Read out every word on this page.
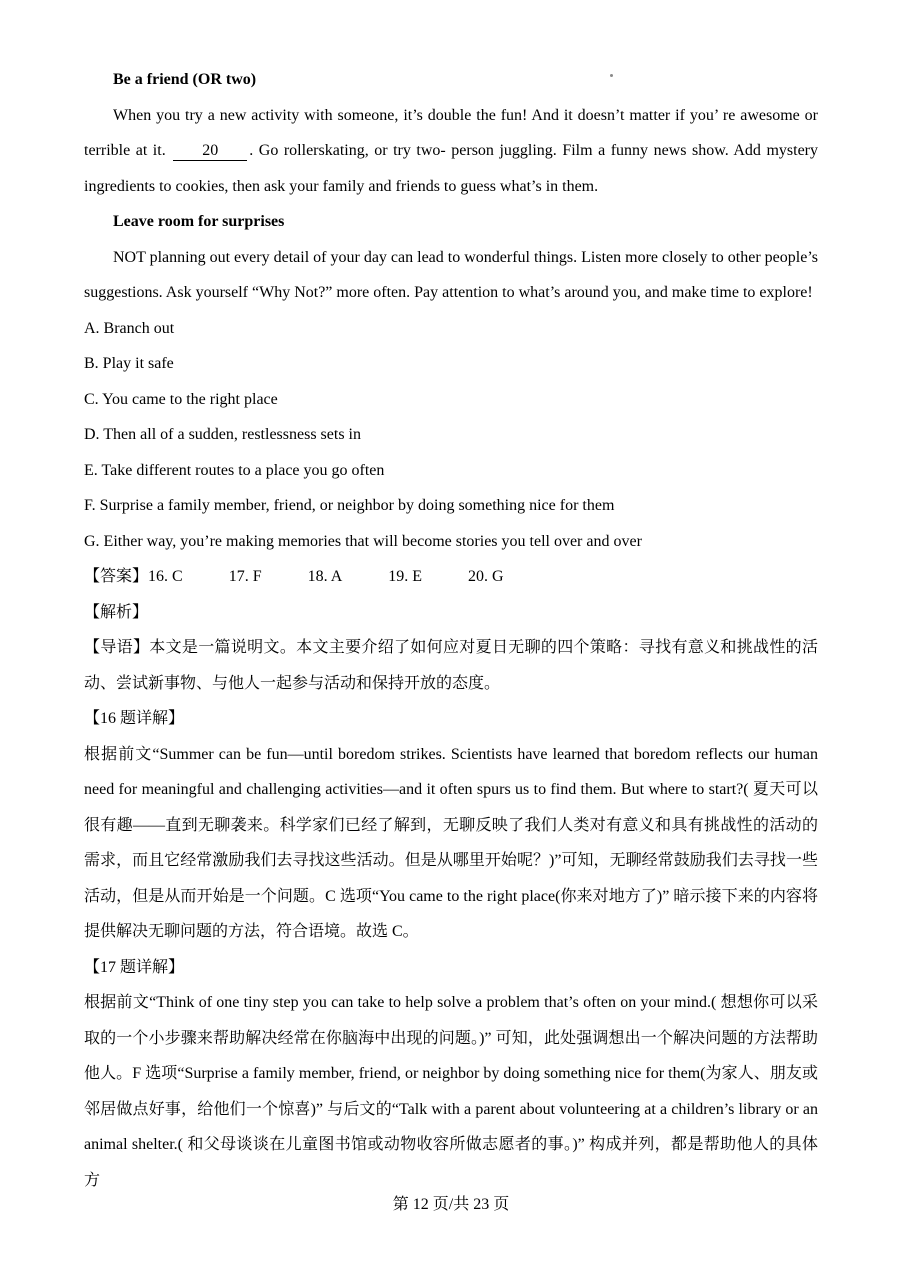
Be a friend (OR two)

When you try a new activity with someone, it’s double the fun! And it doesn’t matter if you’ re awesome or terrible at it. 20 . Go rollerskating, or try two- person juggling. Film a funny news show. Add mystery ingredients to cookies, then ask your family and friends to guess what’s in them.

Leave room for surprises

NOT planning out every detail of your day can lead to wonderful things. Listen more closely to other people’s suggestions. Ask yourself “Why Not?” more often. Pay attention to what’s around you, and make time to explore!

A. Branch out

B. Play it safe

C. You came to the right place

D. Then all of a sudden, restlessness sets in

E. Take different routes to a place you go often

F. Surprise a family member, friend, or neighbor by doing something nice for them

G. Either way, you’re making memories that will become stories you tell over and over

【答案】16. C	17. F	18. A	19. E	20. G

【解析】

【导语】本文是一篇说明文。本文主要介绍了如何应对夏日无聊的四个策略：寻找有意义和挑战性的活动、尝试新事物、与他人一起参与活动和保持开放的态度。

【16 题详解】

根据前文“Summer can be fun—until boredom strikes. Scientists have learned that boredom reflects our human need for meaningful and challenging activities—and it often spurs us to find them. But where to start?( 夏天可以很有趣——直到无聊袭来。科学家们已经了解到，无聊反映了我们人类对有意义和具有挑战性的活动的需求，而且它经常激励我们去寻找这些活动。但是从哪里开始呢？)”可知，无聊经常鼓励我们去寻找一些活动，但是从而开始是一个问题。C 选项“You came to the right place(你来对地方了)” 暗示接下来的内容将提供解决无聊问题的方法，符合语境。故选 C。

【17 题详解】

根据前文“Think of one tiny step you can take to help solve a problem that’s often on your mind.( 想想你可以采取的一个小步骤来帮助解决经常在你脑海中出现的问题。)” 可知，此处强调想出一个解决问题的方法帮助他人。F 选项“Surprise a family member, friend, or neighbor by doing something nice for them(为家人、朋友或邻居做点好事，给他们一个惊喜)” 与后文的“Talk with a parent about volunteering at a children’s library or an animal shelter.( 和父母谈谈在儿童图书馆或动物收容所做志愿者的事。)” 构成并列，都是帮助他人的具体方

第 12 页/共 23 页
